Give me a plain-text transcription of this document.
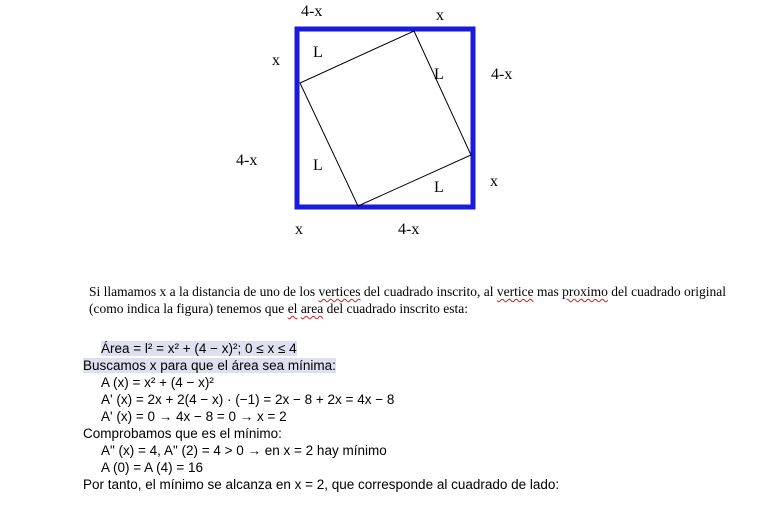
4-x	x
x
4-x
4-x
x
x	4-x
L
L
L
L
Si llamamos x a la distancia de uno de los vertices del cuadrado inscrito, al vertice mas proximo del cuadrado original (como indica la figura) tenemos que el area del cuadrado inscrito esta:
Área = l² = x² + (4 − x)²; 0 ≤ x ≤ 4
Buscamos x para que el área sea mínima:
A (x) = x² + (4 − x)²
A' (x) = 2x + 2(4 − x) · (−1) = 2x − 8 + 2x = 4x − 8
A' (x) = 0 → 4x − 8 = 0 → x = 2
Comprobamos que es el mínimo:
A" (x) = 4, A" (2) = 4 > 0 → en x = 2 hay mínimo
A (0) = A (4) = 16
Por tanto, el mínimo se alcanza en x = 2, que corresponde al cuadrado de lado:
